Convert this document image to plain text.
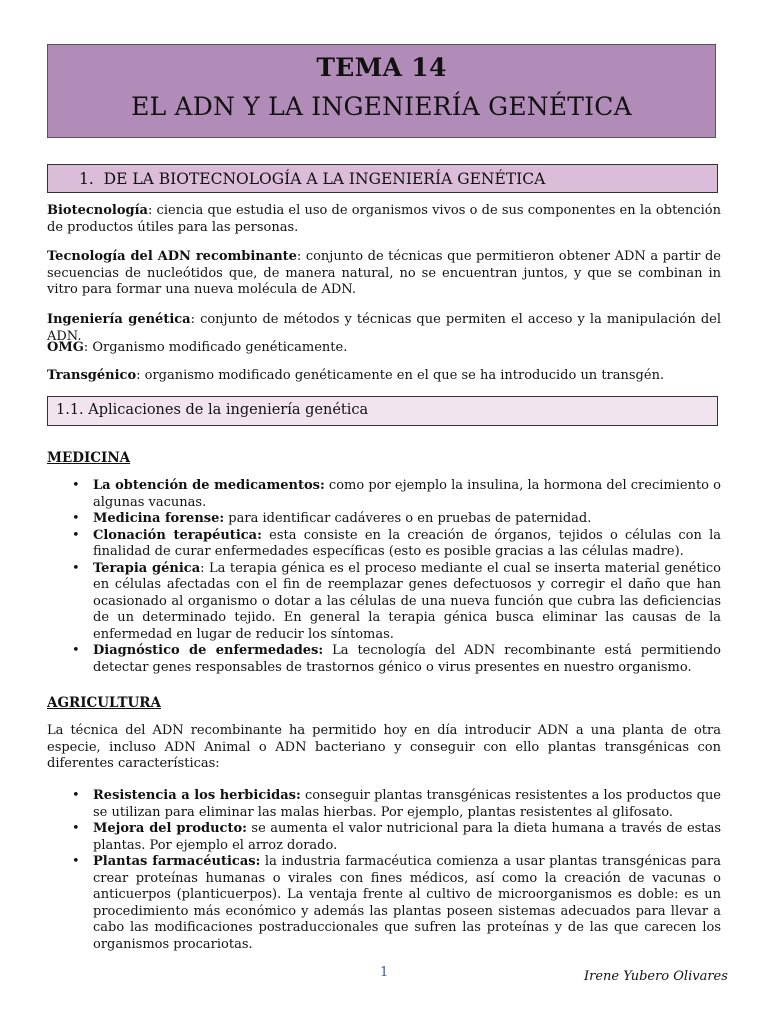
TEMA 14
EL ADN Y LA INGENIERÍA GENÉTICA
1. DE LA BIOTECNOLOGÍA A LA INGENIERÍA GENÉTICA

Biotecnología: ciencia que estudia el uso de organismos vivos o de sus componentes en la obtención de productos útiles para las personas.

Tecnología del ADN recombinante: conjunto de técnicas que permitieron obtener ADN a partir de secuencias de nucleótidos que, de manera natural, no se encuentran juntos, y que se combinan in vitro para formar una nueva molécula de ADN.

Ingeniería genética: conjunto de métodos y técnicas que permiten el acceso y la manipulación del ADN.

OMG: Organismo modificado genéticamente.

Transgénico: organismo modificado genéticamente en el que se ha introducido un transgén.

1.1. Aplicaciones de la ingeniería genética
MEDICINA
• La obtención de medicamentos: como por ejemplo la insulina, la hormona del crecimiento o algunas vacunas.
• Medicina forense: para identificar cadáveres o en pruebas de paternidad.
• Clonación terapéutica: esta consiste en la creación de órganos, tejidos o células con la finalidad de curar enfermedades específicas (esto es posible gracias a las células madre).
• Terapia génica: La terapia génica es el proceso mediante el cual se inserta material genético en células afectadas con el fin de reemplazar genes defectuosos y corregir el daño que han ocasionado al organismo o dotar a las células de una nueva función que cubra las deficiencias de un determinado tejido. En general la terapia génica busca eliminar las causas de la enfermedad en lugar de reducir los síntomas.
• Diagnóstico de enfermedades: La tecnología del ADN recombinante está permitiendo detectar genes responsables de trastornos génico o virus presentes en nuestro organismo.
AGRICULTURA

La técnica del ADN recombinante ha permitido hoy en día introducir ADN a una planta de otra especie, incluso ADN Animal o ADN bacteriano y conseguir con ello plantas transgénicas con diferentes características:

• Resistencia a los herbicidas: conseguir plantas transgénicas resistentes a los productos que se utilizan para eliminar las malas hierbas. Por ejemplo, plantas resistentes al glifosato.
• Mejora del producto: se aumenta el valor nutricional para la dieta humana a través de estas plantas. Por ejemplo el arroz dorado.
• Plantas farmacéuticas: la industria farmacéutica comienza a usar plantas transgénicas para crear proteínas humanas o virales con fines médicos, así como la creación de vacunas o anticuerpos (planticuerpos). La ventaja frente al cultivo de microorganismos es doble: es un procedimiento más económico y además las plantas poseen sistemas adecuados para llevar a cabo las modificaciones postraduccionales que sufren las proteínas y de las que carecen los organismos procariotas.
1	Irene Yubero Olivares
